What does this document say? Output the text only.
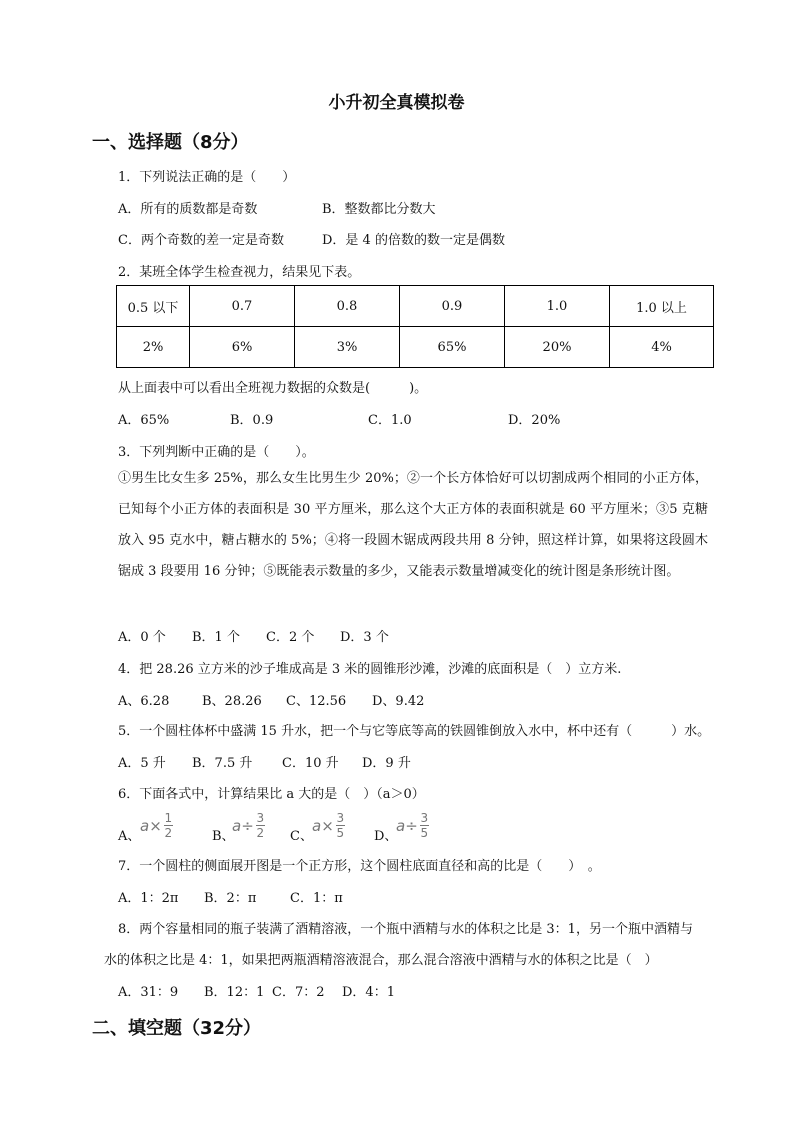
小升初全真模拟卷
一、选择题（8分）
1．下列说法正确的是（　　）
A．所有的质数都是奇数	B．整数都比分数大
C．两个奇数的差一定是奇数	D．是 4 的倍数的数一定是偶数
2．某班全体学生检查视力，结果见下表。
0.5 以下	0.7	0.8	0.9	1.0	1.0 以上
2%	6%	3%	65%	20%	4%
从上面表中可以看出全班视力数据的众数是(　　　)。
A．65%	B．0.9	C．1.0	D．20%
3．下列判断中正确的是（　　）。
①男生比女生多 25%，那么女生比男生少 20%；②一个长方体恰好可以切割成两个相同的小正方体，已知每个小正方体的表面积是 30 平方厘米，那么这个大正方体的表面积就是 60 平方厘米；③5 克糖放入 95 克水中，糖占糖水的 5%；④将一段圆木锯成两段共用 8 分钟，照这样计算，如果将这段圆木锯成 3 段要用 16 分钟；⑤既能表示数量的多少，又能表示数量增减变化的统计图是条形统计图。
A．0 个 B．1 个 C．2 个 D．3 个
4．把 28.26 立方米的沙子堆成高是 3 米的圆锥形沙滩，沙滩的底面积是（　）立方米.
A、6.28	B、28.26 C、12.56 D、9.42
5．一个圆柱体杯中盛满 15 升水，把一个与它等底等高的铁圆锥倒放入水中，杯中还有（　　　）水。
A．5 升 B．7.5 升 C．10 升 D．9 升
6．下面各式中，计算结果比 a 大的是（　）（a＞0）
A、
a × 1
2	B、
a ÷ 3
2 C、
a × 3
5 D、
a ÷ 3
5
7．一个圆柱的侧面展开图是一个正方形，这个圆柱底面直径和高的比是（　　）　。
A．1：2π B．2：π	C．1：π
8．两个容量相同的瓶子装满了酒精溶液，一个瓶中酒精与水的体积之比是 3：1，另一个瓶中酒精与
水的体积之比是 4：1，如果把两瓶酒精溶液混合，那么混合溶液中酒精与水的体积之比是（　）
A．31：9 B．12：1 C．7：2 D．4：1
二、填空题（32分）
